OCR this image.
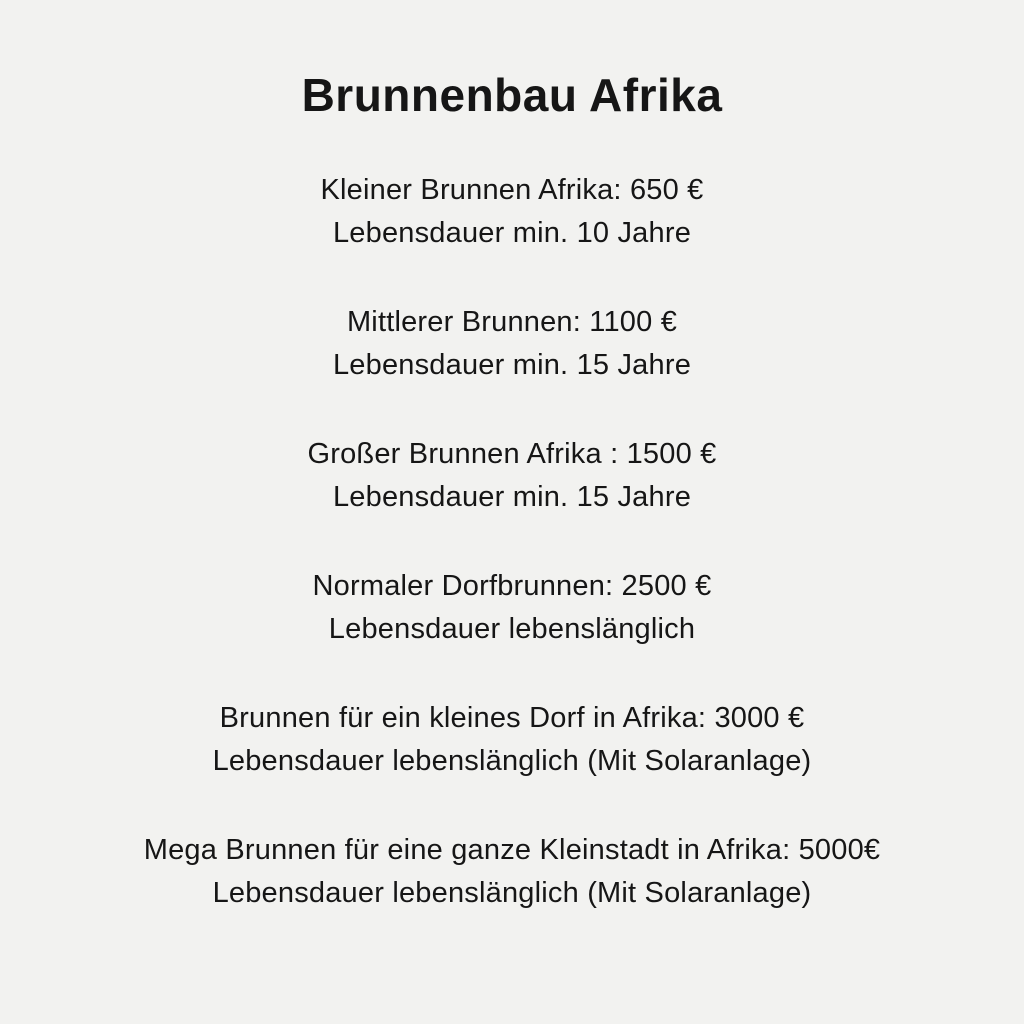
Brunnenbau Afrika

Kleiner Brunnen Afrika: 650 €

Lebensdauer min. 10 Jahre

Mittlerer Brunnen: 1100 €

Lebensdauer min. 15 Jahre

Großer Brunnen Afrika : 1500 €

Lebensdauer min. 15 Jahre

Normaler Dorfbrunnen: 2500 €

Lebensdauer lebenslänglich

Brunnen für ein kleines Dorf in Afrika: 3000 €

Lebensdauer lebenslänglich (Mit Solaranlage)

Mega Brunnen für eine ganze Kleinstadt in Afrika: 5000€

Lebensdauer lebenslänglich (Mit Solaranlage)
